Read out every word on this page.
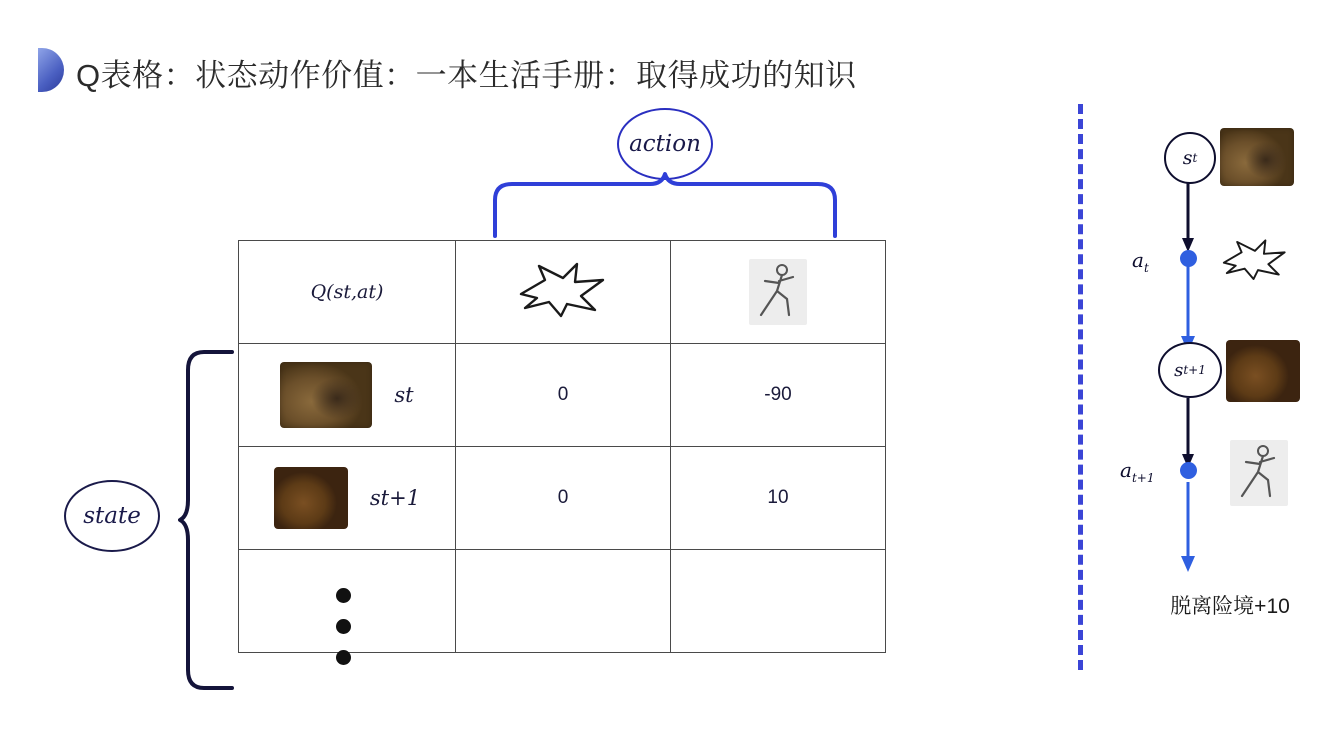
Q表格：状态动作价值：一本生活手册：取得成功的知识
action
state
Q(st,at)		

st	0	-90

st+1	0	10

s t
$a_t$
s t+1
$a_{t+1}$
脱离险境+10
